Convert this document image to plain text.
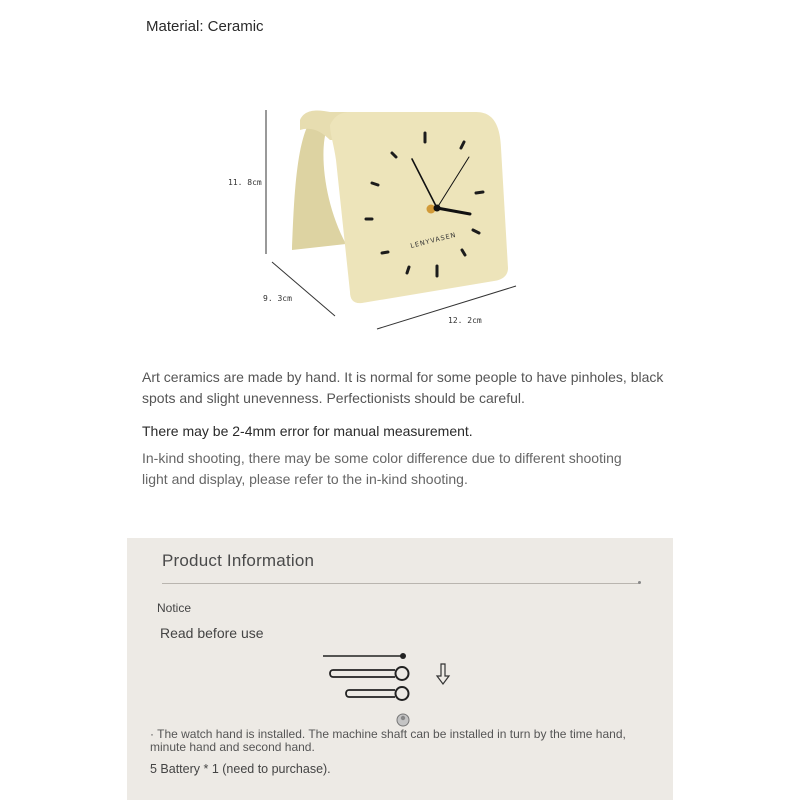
Material: Ceramic
11. 8cm
9. 3cm
12. 2cm
LENYVASEN
Art ceramics are made by hand. It is normal for some people to have pinholes, black spots and slight unevenness. Perfectionists should be careful.
There may be 2-4mm error for manual measurement.
In-kind shooting, there may be some color difference due to different shooting light and display, please refer to the in-kind shooting.
Product Information
Notice
Read before use
· The watch hand is installed. The machine shaft can be installed in turn by the time hand, minute hand and second hand.
5 Battery * 1 (need to purchase).
